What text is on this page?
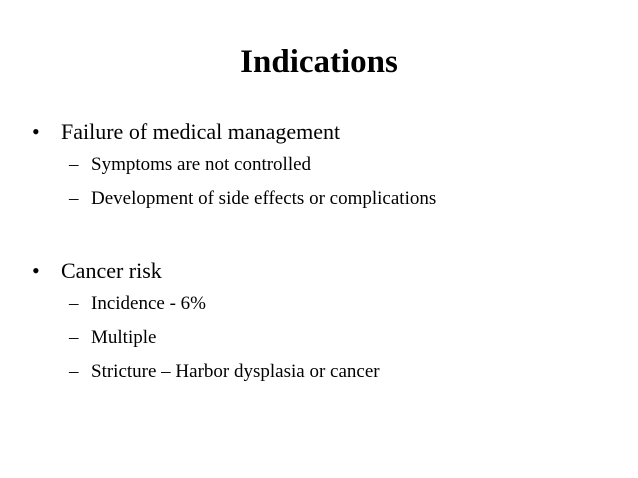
Indications
• Failure of medical management
– Symptoms are not controlled
– Development of side effects or complications
• Cancer risk
– Incidence - 6%
– Multiple
– Stricture – Harbor dysplasia or cancer
